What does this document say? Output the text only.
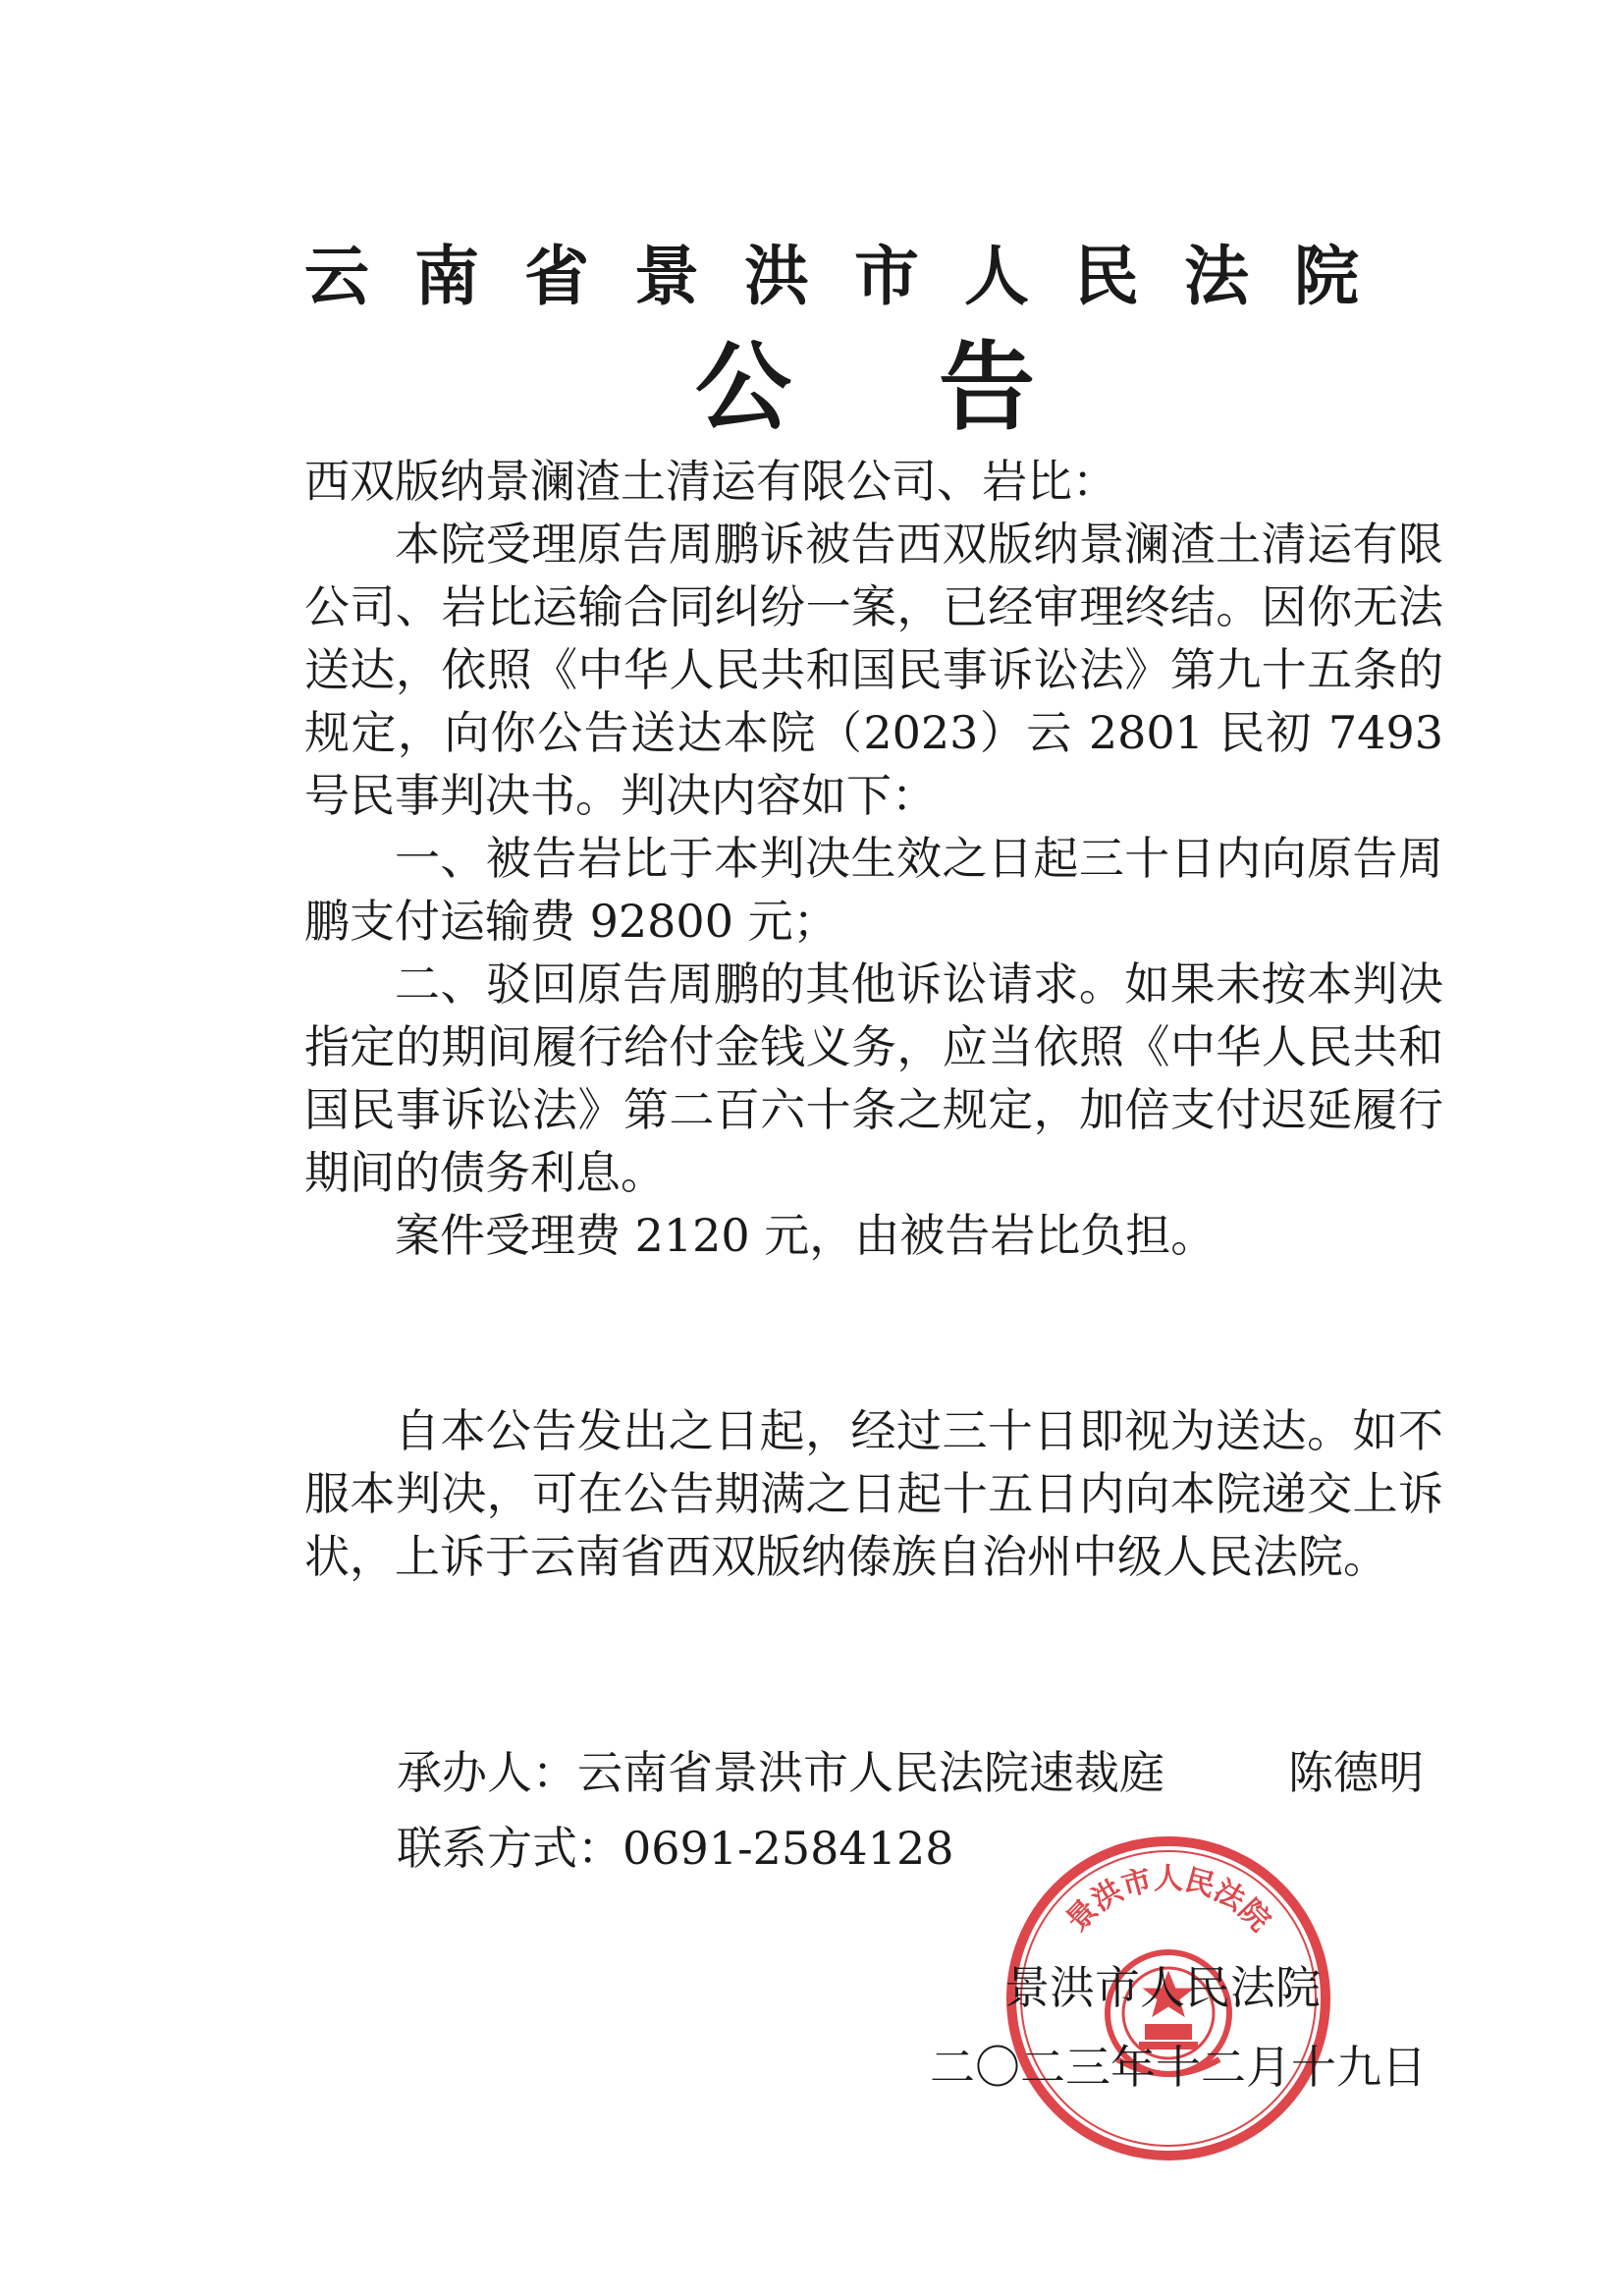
云南省景洪市人民法院
公告

西双版纳景澜渣土清运有限公司、岩比：

本院受理原告周鹏诉被告西双版纳景澜渣土清运有限公司、岩比运输合同纠纷一案，已经审理终结。因你无法送达，依照《中华人民共和国民事诉讼法》第九十五条的规定，向你公告送达本院（2023）云 2801 民初 7493 号民事判决书。判决内容如下：

一、被告岩比于本判决生效之日起三十日内向原告周鹏支付运输费 92800 元；

二、驳回原告周鹏的其他诉讼请求。如果未按本判决指定的期间履行给付金钱义务，应当依照《中华人民共和国民事诉讼法》第二百六十条之规定，加倍支付迟延履行期间的债务利息。

案件受理费 2120 元，由被告岩比负担。

自本公告发出之日起，经过三十日即视为送达。如不服本判决，可在公告期满之日起十五日内向本院递交上诉状，上诉于云南省西双版纳傣族自治州中级人民法院。

承办人：云南省景洪市人民法院速裁庭	陈德明
联系方式：0691-2584128
景洪市人民法院
景洪市人民法院
二〇二三年十二月十九日
